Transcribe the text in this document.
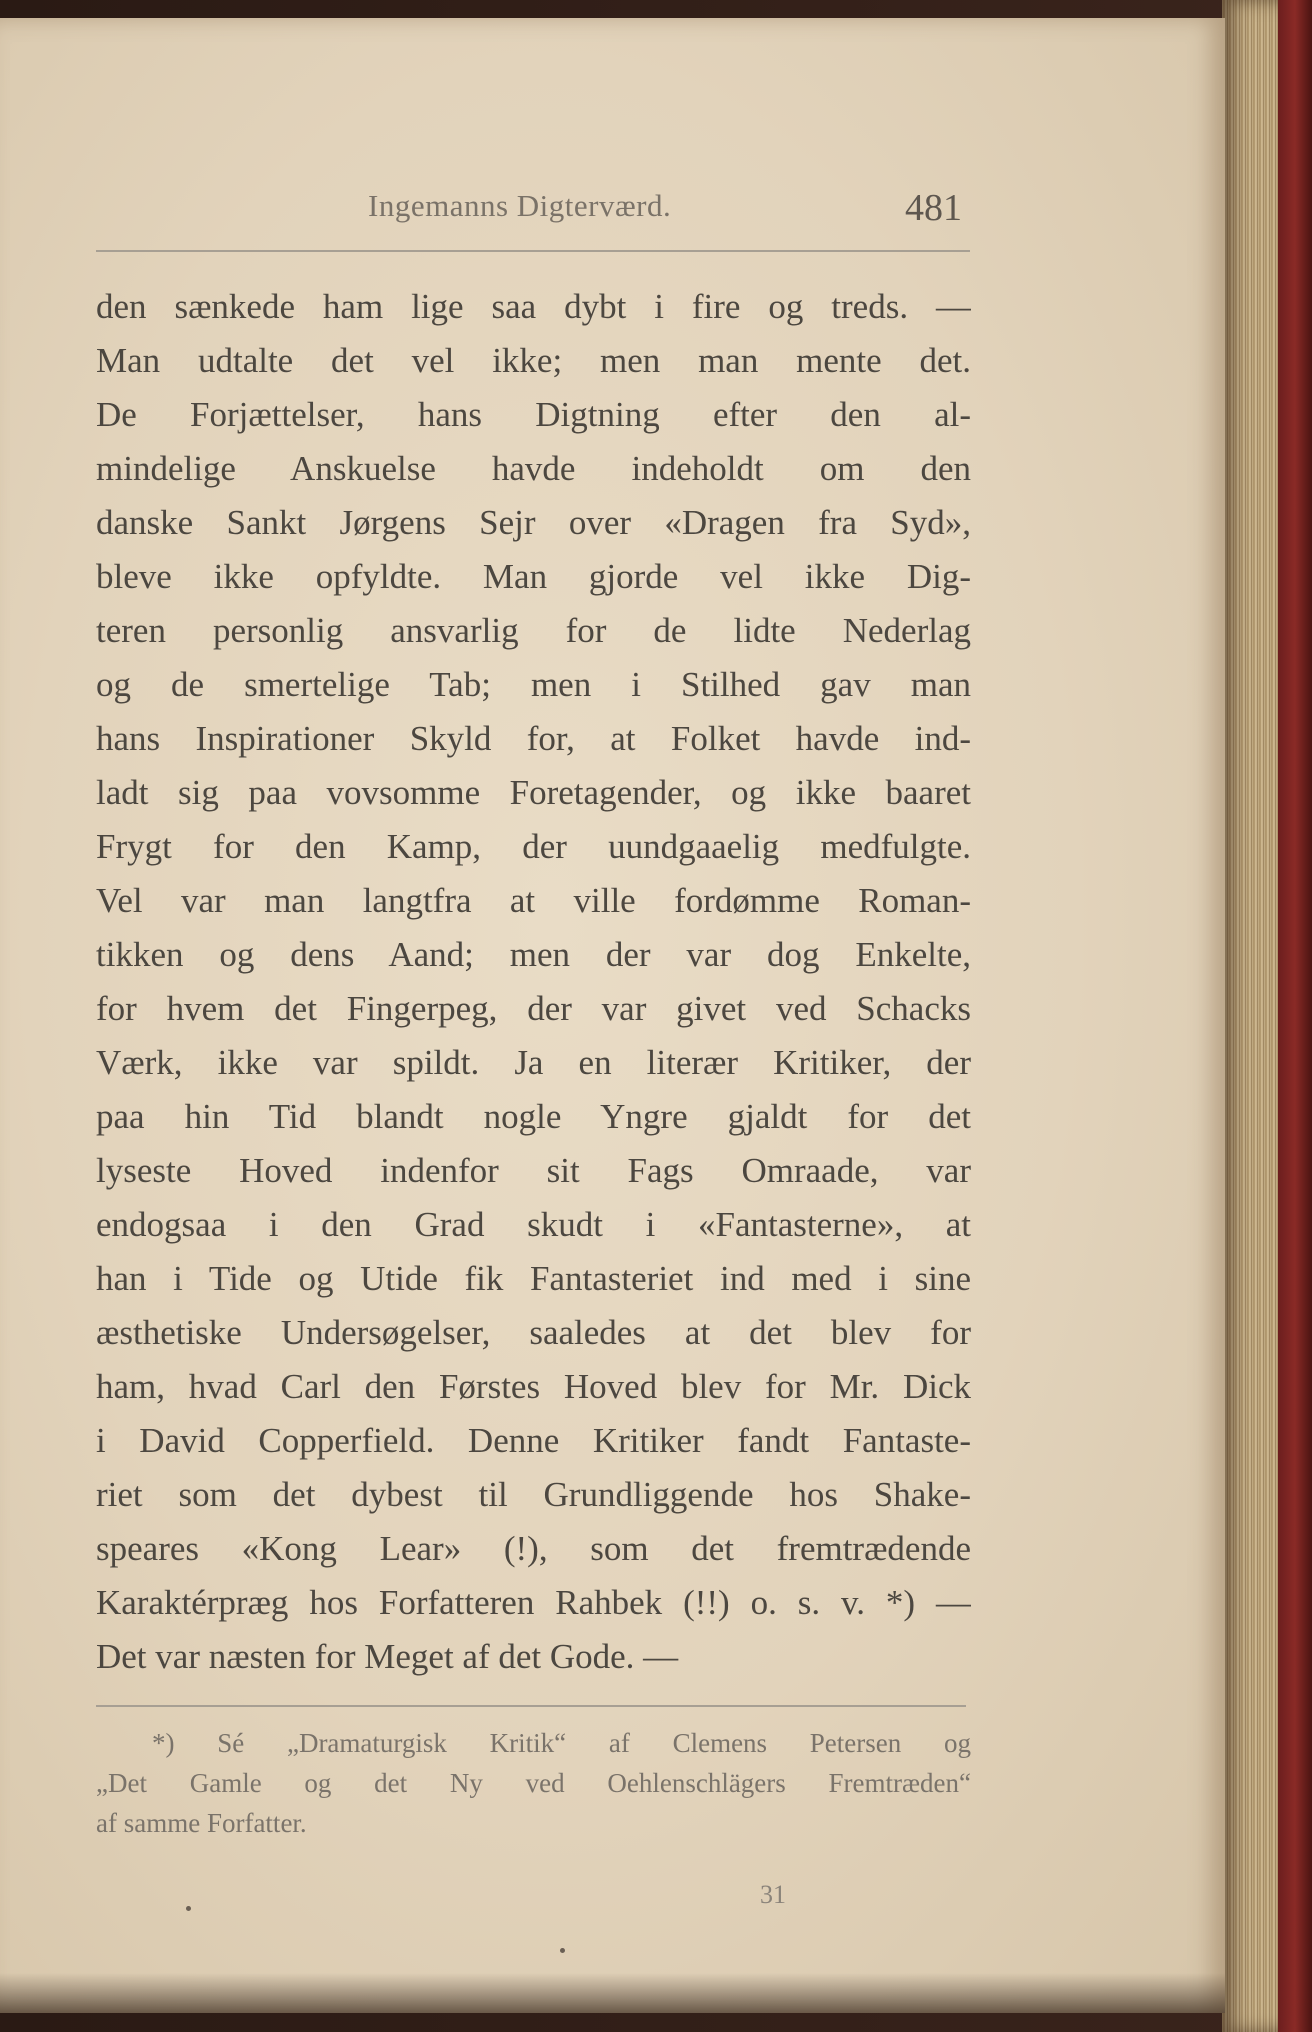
Ingemanns Digterværd.	481
den sænkede ham lige saa dybt i fire og treds. —
Man udtalte det vel ikke; men man mente det.
De Forjættelser, hans Digtning efter den al-
mindelige Anskuelse havde indeholdt om den
danske Sankt Jørgens Sejr over «Dragen fra Syd»,
bleve ikke opfyldte. Man gjorde vel ikke Dig-
teren personlig ansvarlig for de lidte Nederlag
og de smertelige Tab; men i Stilhed gav man
hans Inspirationer Skyld for, at Folket havde ind-
ladt sig paa vovsomme Foretagender, og ikke baaret
Frygt for den Kamp, der uundgaaelig medfulgte.
Vel var man langtfra at ville fordømme Roman-
tikken og dens Aand; men der var dog Enkelte,
for hvem det Fingerpeg, der var givet ved Schacks
Værk, ikke var spildt. Ja en literær Kritiker, der
paa hin Tid blandt nogle Yngre gjaldt for det
lyseste Hoved indenfor sit Fags Omraade, var
endogsaa i den Grad skudt i «Fantasterne», at
han i Tide og Utide fik Fantasteriet ind med i sine
æsthetiske Undersøgelser, saaledes at det blev for
ham, hvad Carl den Førstes Hoved blev for Mr. Dick
i David Copperfield. Denne Kritiker fandt Fantaste-
riet som det dybest til Grundliggende hos Shake-
speares «Kong Lear» (!), som det fremtrædende
Karaktérpræg hos Forfatteren Rahbek (!!) o. s. v. *) —
Det var næsten for Meget af det Gode. —
*) Sé „Dramaturgisk Kritik“ af Clemens Petersen og
„Det Gamle og det Ny ved Oehlenschlägers Fremtræden“
af samme Forfatter.
31
